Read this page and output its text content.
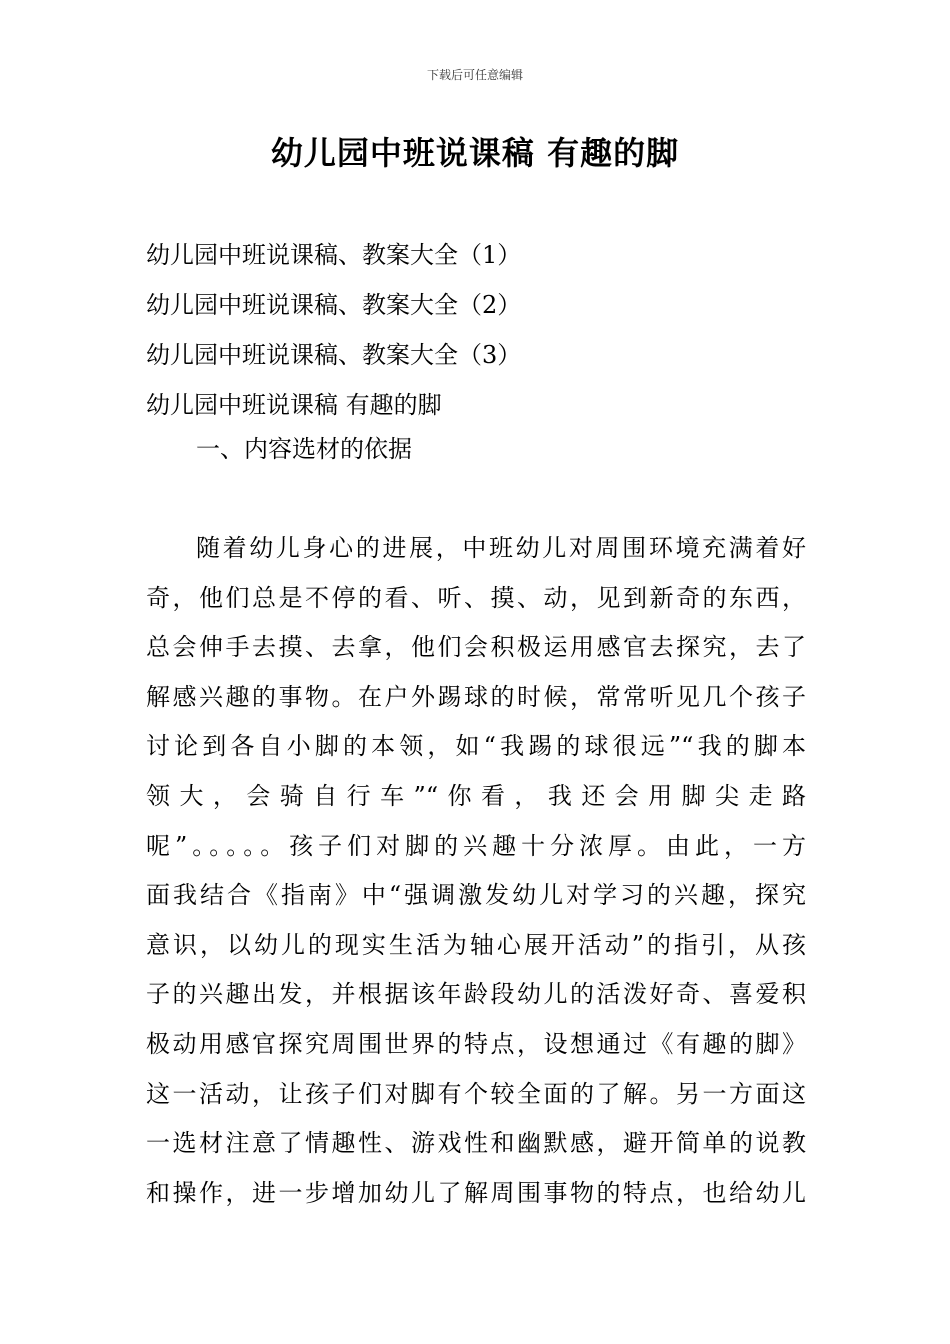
下载后可任意编辑
幼儿园中班说课稿 有趣的脚
幼儿园中班说课稿、教案大全（1）
幼儿园中班说课稿、教案大全（2）
幼儿园中班说课稿、教案大全（3）
幼儿园中班说课稿 有趣的脚
一、内容选材的依据
随着幼儿身心的进展，中班幼儿对周围环境充满着好
奇，他们总是不停的看、听、摸、动，见到新奇的东西，
总会伸手去摸、去拿，他们会积极运用感官去探究，去了
解感兴趣的事物。在户外踢球的时候，常常听见几个孩子
讨论到各自小脚的本领，如“我踢的球很远”“我的脚本
领大，会骑自行车”“你看，我还会用脚尖走路
呢”。。。。。孩子们对脚的兴趣十分浓厚。由此，一方
面我结合《指南》中“强调激发幼儿对学习的兴趣，探究
意识，以幼儿的现实生活为轴心展开活动”的指引，从孩
子的兴趣出发，并根据该年龄段幼儿的活泼好奇、喜爱积
极动用感官探究周围世界的特点，设想通过《有趣的脚》
这一活动，让孩子们对脚有个较全面的了解。另一方面这
一选材注意了情趣性、游戏性和幽默感，避开简单的说教
和操作，进一步增加幼儿了解周围事物的特点，也给幼儿
